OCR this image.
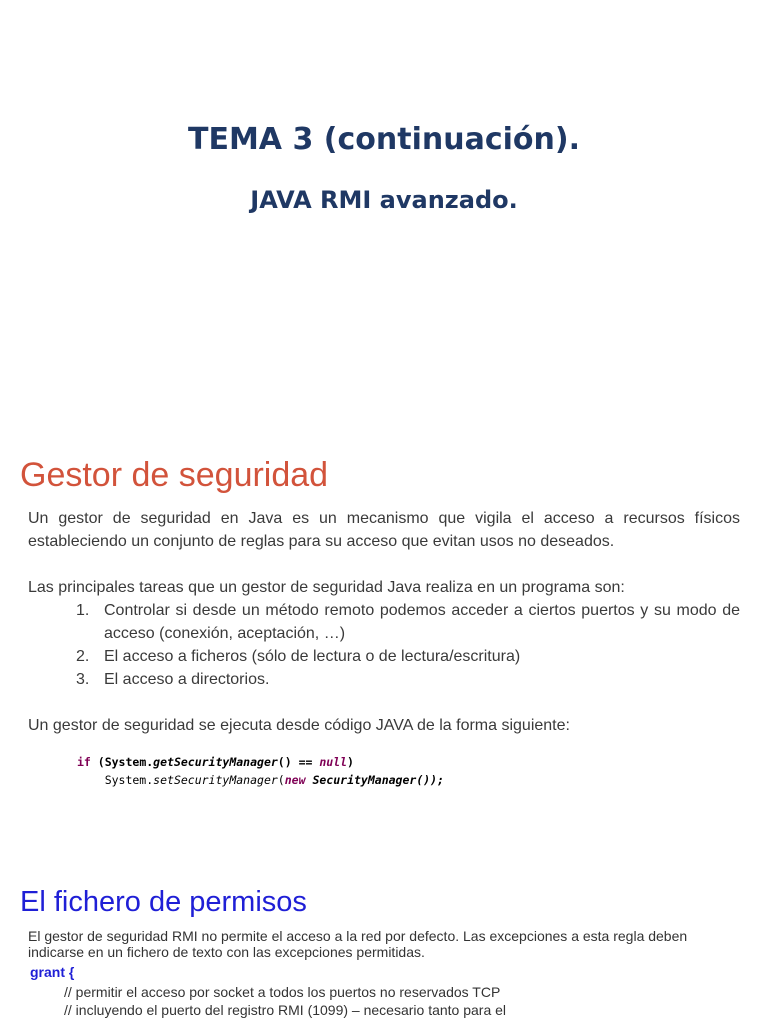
TEMA 3 (continuación).
JAVA RMI avanzado.
Gestor de seguridad

Un gestor de seguridad en Java es un mecanismo que vigila el acceso a recursos físicos estableciendo un conjunto de reglas para su acceso que evitan usos no deseados.

Las principales tareas que un gestor de seguridad Java realiza en un programa son:

1. Controlar si desde un método remoto podemos acceder a ciertos puertos y su modo de acceso (conexión, aceptación, …)
2. El acceso a ficheros (sólo de lectura o de lectura/escritura)
3. El acceso a directorios.

Un gestor de seguridad se ejecuta desde código JAVA de la forma siguiente:

if (System.getSecurityManager() == null)
System.setSecurityManager(new SecurityManager());
El fichero de permisos

El gestor de seguridad RMI no permite el acceso a la red por defecto. Las excepciones a esta regla deben indicarse en un fichero de texto con las excepciones permitidas.

grant {

// permitir el acceso por socket a todos los puertos no reservados TCP

// incluyendo el puerto del registro RMI (1099) – necesario tanto para el
